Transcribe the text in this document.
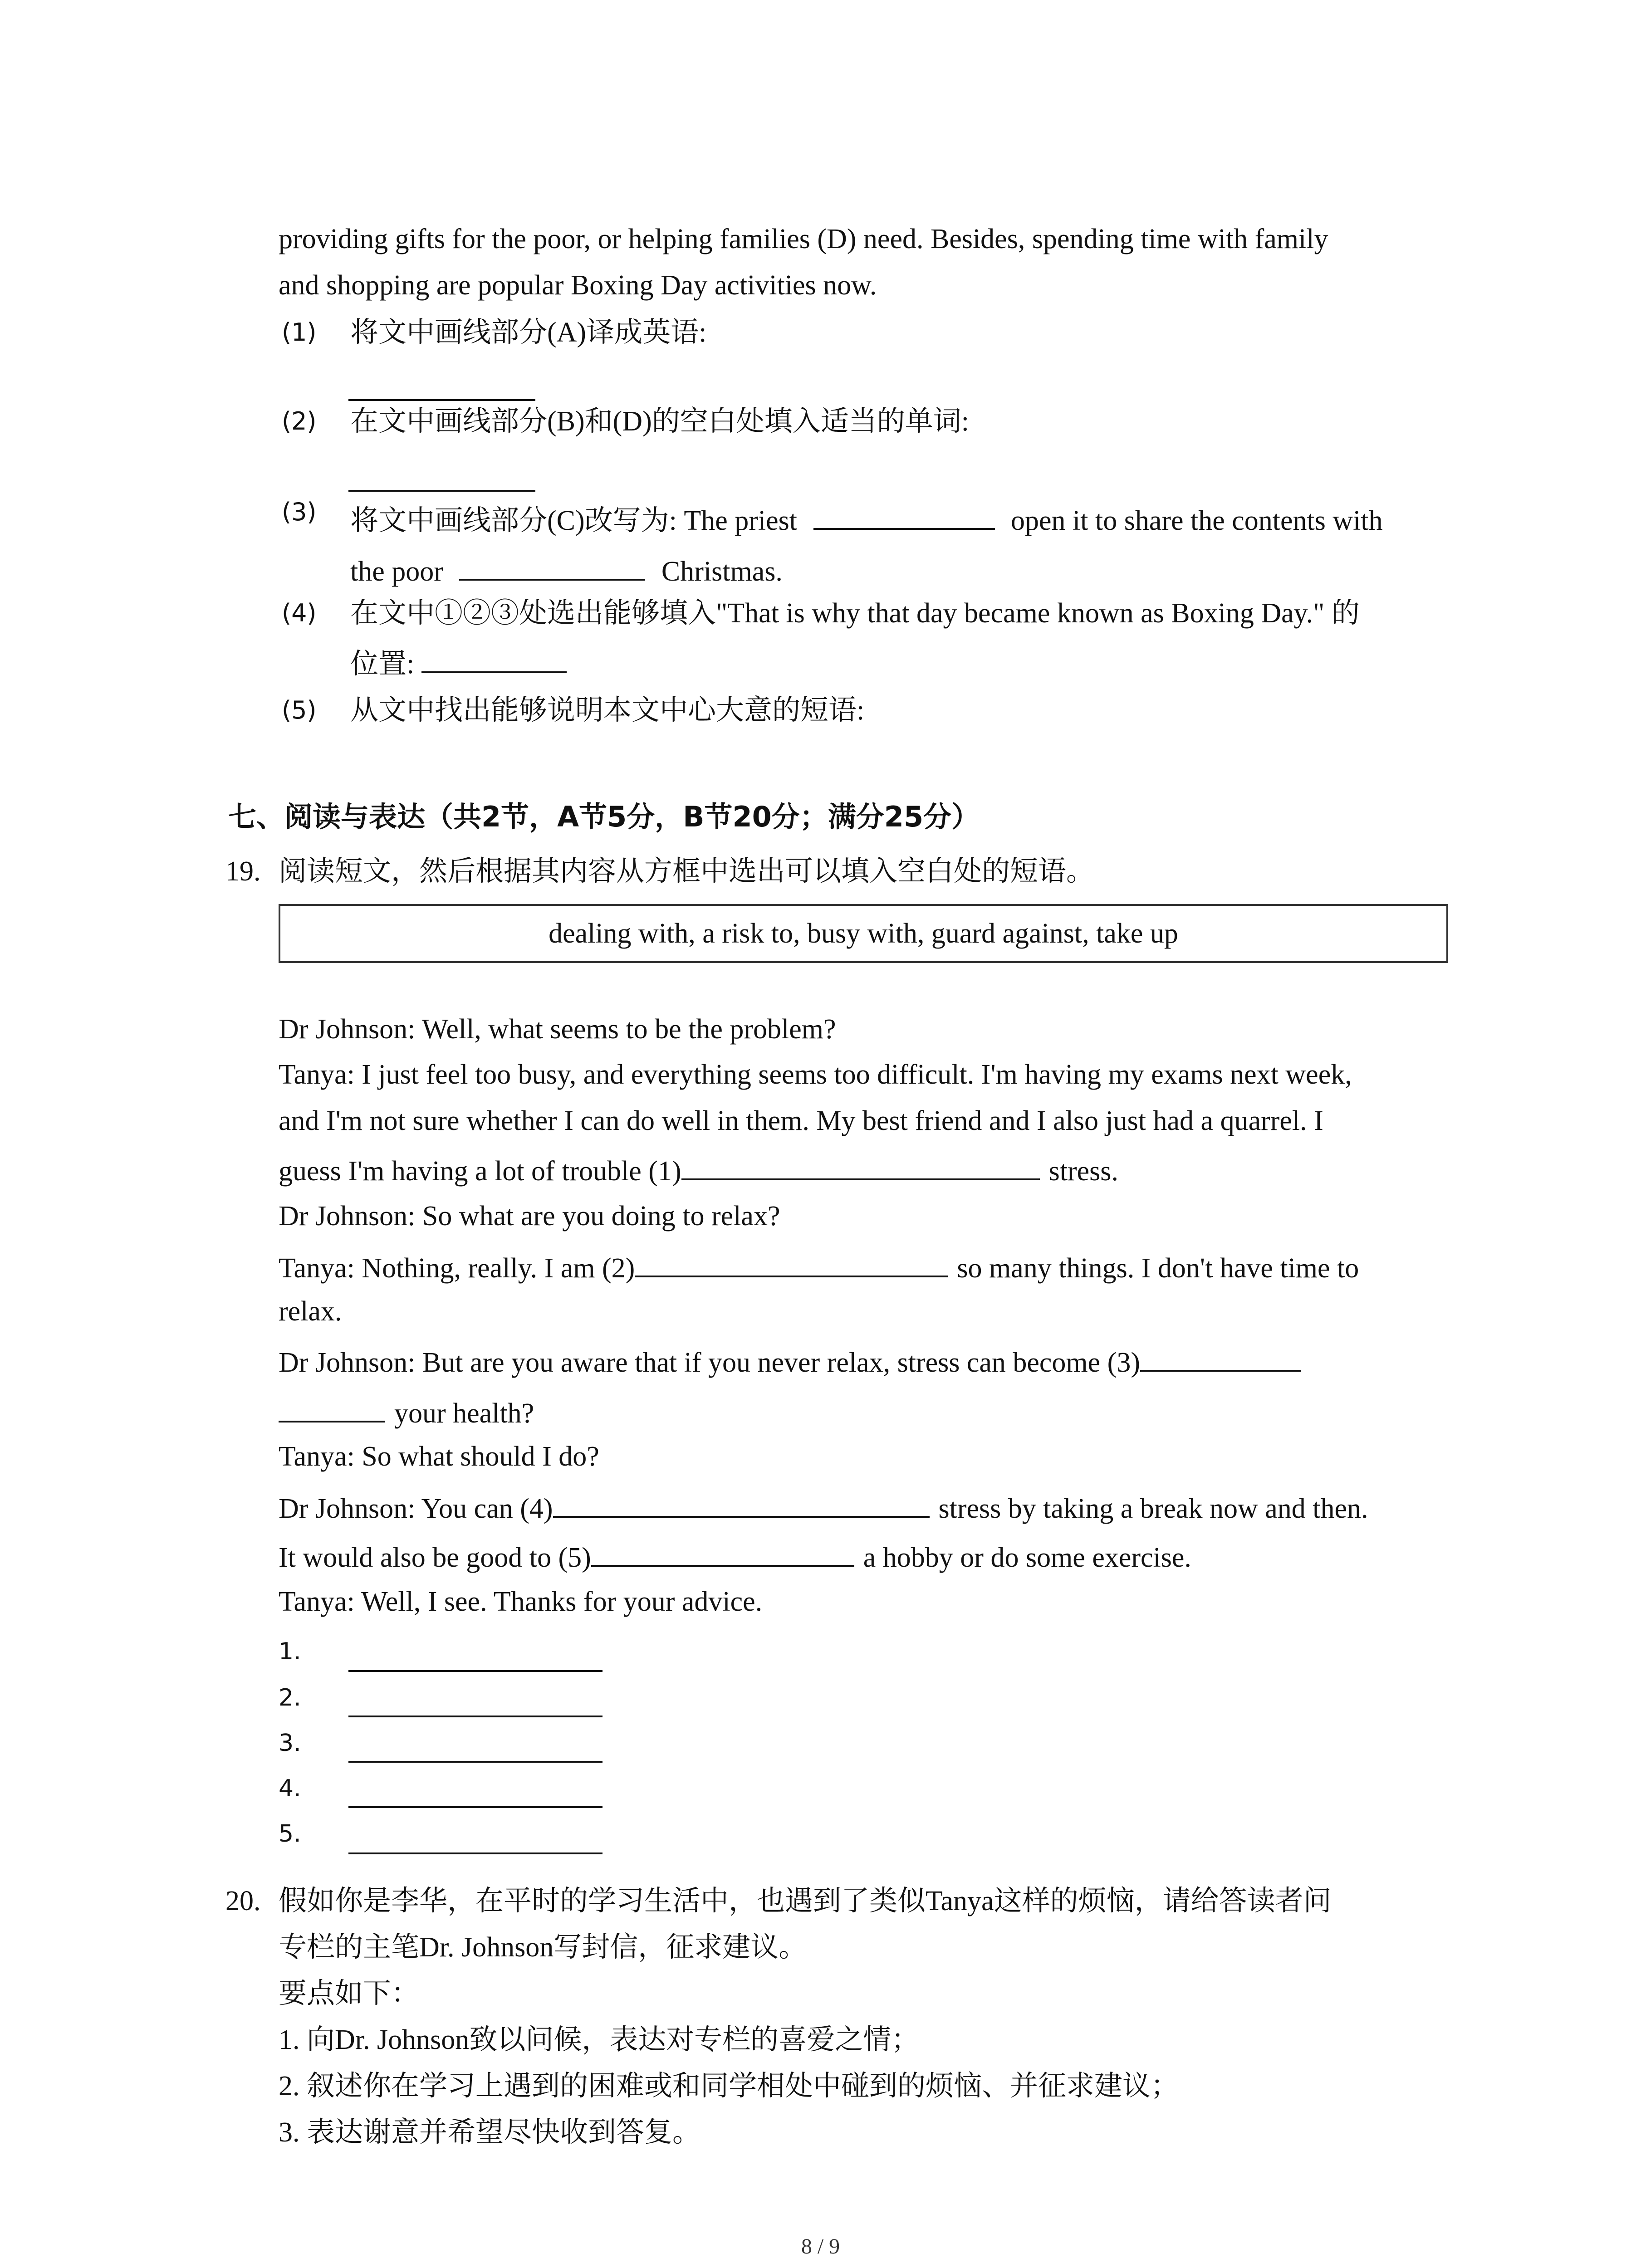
providing gifts for the poor, or helping families (D) need. Besides, spending time with family
and shopping are popular Boxing Day activities now.
(1) 将文中画线部分(A)译成英语:
(2) 在文中画线部分(B)和(D)的空白处填入适当的单词:
(3) 将文中画线部分(C)改写为: The priest	open it to share the contents with
the poor	Christmas.
(4) 在文中①②③处选出能够填入"That is why that day became known as Boxing Day." 的
位置:
(5) 从文中找出能够说明本文中心大意的短语:
七、阅读与表达（共2节，A节5分，B节20分；满分25分）
19. 阅读短文，然后根据其内容从方框中选出可以填入空白处的短语。
dealing with, a risk to, busy with, guard against, take up
Dr Johnson: Well, what seems to be the problem?
Tanya: I just feel too busy, and everything seems too difficult. I'm having my exams next week,
and I'm not sure whether I can do well in them. My best friend and I also just had a quarrel. I
guess I'm having a lot of trouble (1)	stress.
Dr Johnson: So what are you doing to relax?
Tanya: Nothing, really. I am (2)	so many things. I don't have time to
relax.
Dr Johnson: But are you aware that if you never relax, stress can become (3)
your health?
Tanya: So what should I do?
Dr Johnson: You can (4)	stress by taking a break now and then.
It would also be good to (5)	a hobby or do some exercise.
Tanya: Well, I see. Thanks for your advice.
1.
2.
3.
4.
5.
20. 假如你是李华，在平时的学习生活中，也遇到了类似Tanya这样的烦恼，请给答读者问
专栏的主笔Dr. Johnson写封信，征求建议。
要点如下：
1. 向Dr. Johnson致以问候，表达对专栏的喜爱之情；
2. 叙述你在学习上遇到的困难或和同学相处中碰到的烦恼、并征求建议；
3. 表达谢意并希望尽快收到答复。
8 / 9
